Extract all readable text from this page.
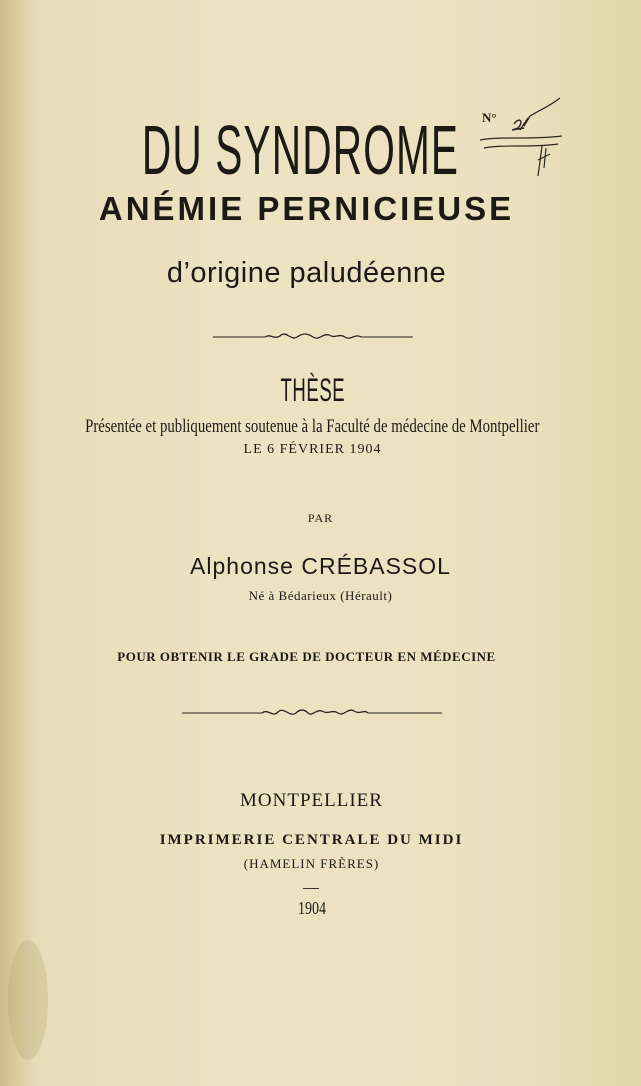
DU SYNDROME	N°
ANÉMIE PERNICIEUSE
d’origine paludéenne
THÈSE
Présentée et publiquement soutenue à la Faculté de médecine de Montpellier
LE 6 FÉVRIER 1904
PAR
Alphonse CRÉBASSOL
Né à Bédarieux (Hérault)
POUR OBTENIR LE GRADE DE DOCTEUR EN MÉDECINE
MONTPELLIER
IMPRIMERIE CENTRALE DU MIDI
(HAMELIN FRÈRES)
1904
